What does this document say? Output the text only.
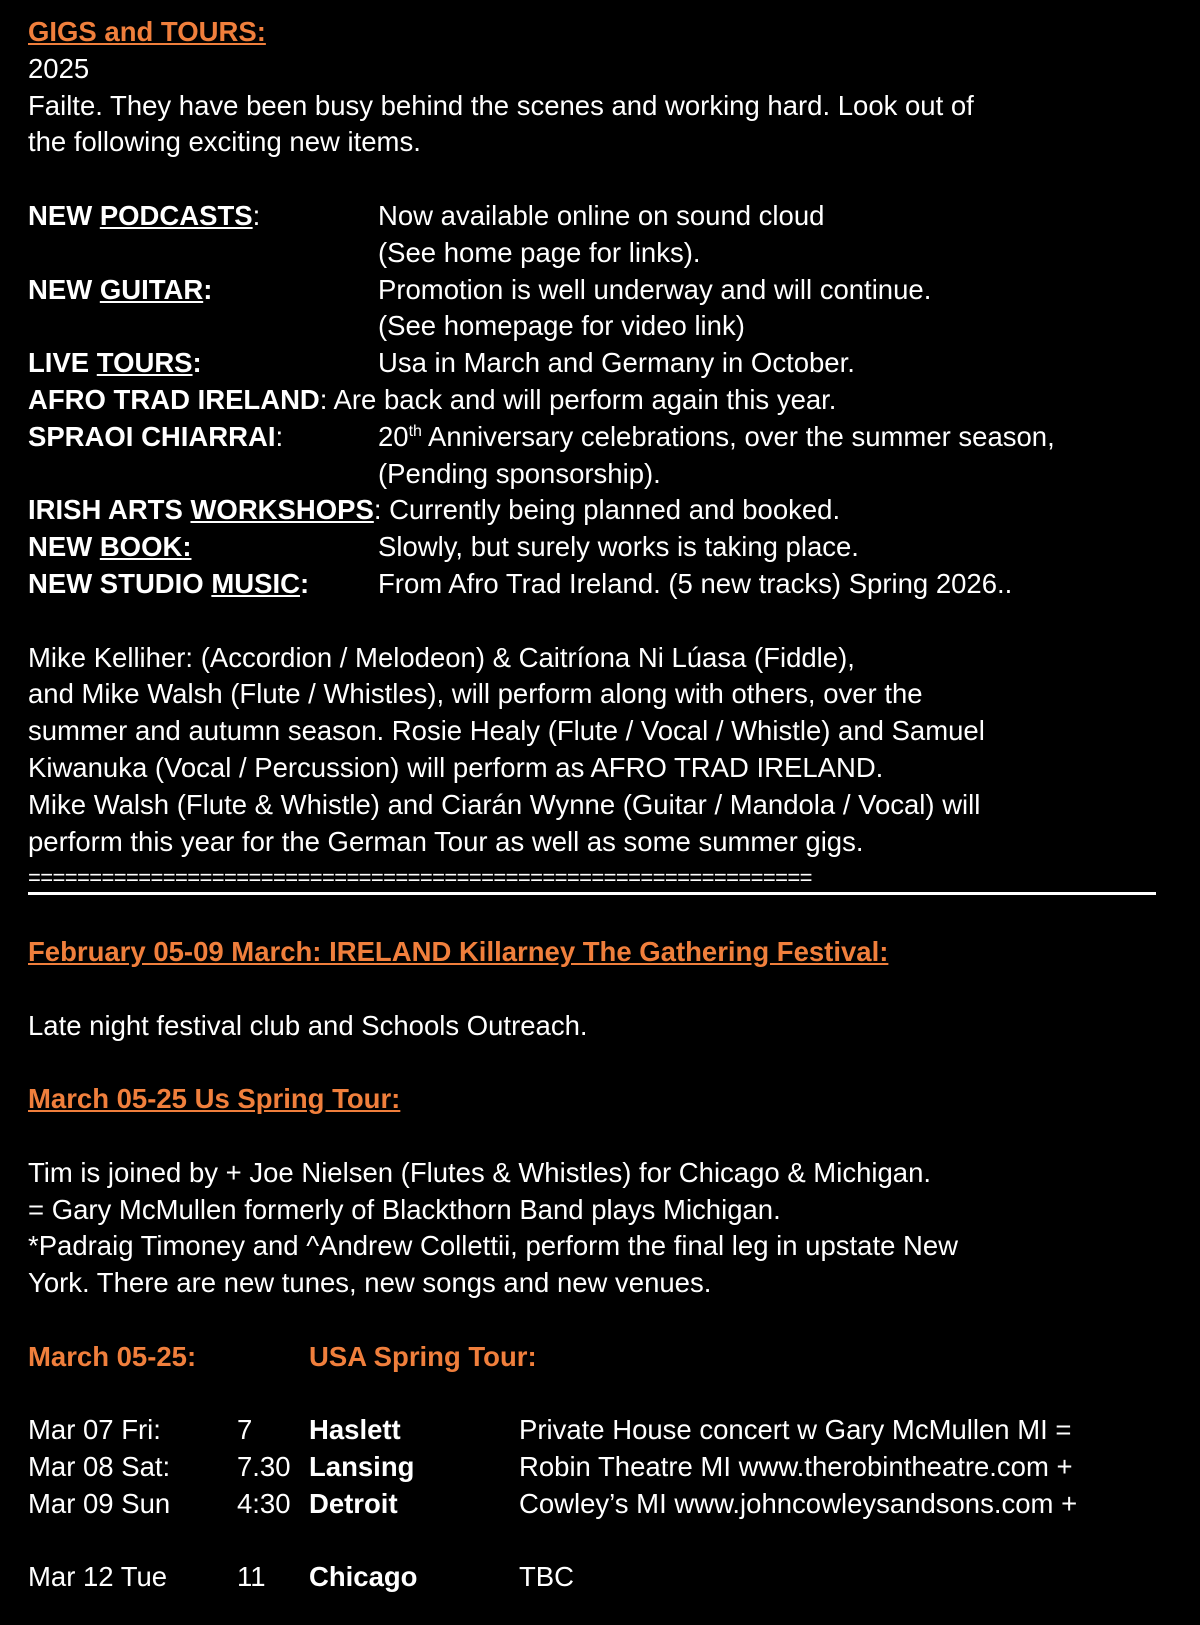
GIGS and TOURS:
2025
Failte. They have been busy behind the scenes and working hard. Look out of
the following exciting new items.
NEW PODCASTS:	Now available online on sound cloud
(See home page for links).
NEW GUITAR:	Promotion is well underway and will continue.
(See homepage for video link)
LIVE TOURS:	Usa in March and Germany in October.
AFRO TRAD IRELAND: Are back and will perform again this year.
SPRAOI CHIARRAI:	20th Anniversary celebrations, over the summer season,
(Pending sponsorship).
IRISH ARTS WORKSHOPS: Currently being planned and booked.
NEW BOOK:	Slowly, but surely works is taking place.
NEW STUDIO MUSIC:	From Afro Trad Ireland. (5 new tracks) Spring 2026..
Mike Kelliher: (Accordion / Melodeon) & Caitríona Ni Lúasa (Fiddle),
and Mike Walsh (Flute / Whistles), will perform along with others, over the
summer and autumn season. Rosie Healy (Flute / Vocal / Whistle) and Samuel
Kiwanuka (Vocal / Percussion) will perform as AFRO TRAD IRELAND.
Mike Walsh (Flute & Whistle) and Ciarán Wynne (Guitar / Mandola / Vocal) will
perform this year for the German Tour as well as some summer gigs.
================================================================
February 05-09 March: IRELAND Killarney The Gathering Festival:
Late night festival club and Schools Outreach.
March 05-25 Us Spring Tour:
Tim is joined by + Joe Nielsen (Flutes & Whistles) for Chicago & Michigan.
= Gary McMullen formerly of Blackthorn Band plays Michigan.
*Padraig Timoney and ^Andrew Collettii, perform the final leg in upstate New
York. There are new tunes, new songs and new venues.
March 05-25:	USA Spring Tour:
Mar 07 Fri:	7 Haslett	Private House concert w Gary McMullen MI =
Mar 08 Sat: 7.30 Lansing	Robin Theatre MI www.therobintheatre.com +
Mar 09 Sun 4:30 Detroit	Cowley’s MI www.johncowleysandsons.com +
Mar 12 Tue	11 Chicago	TBC
